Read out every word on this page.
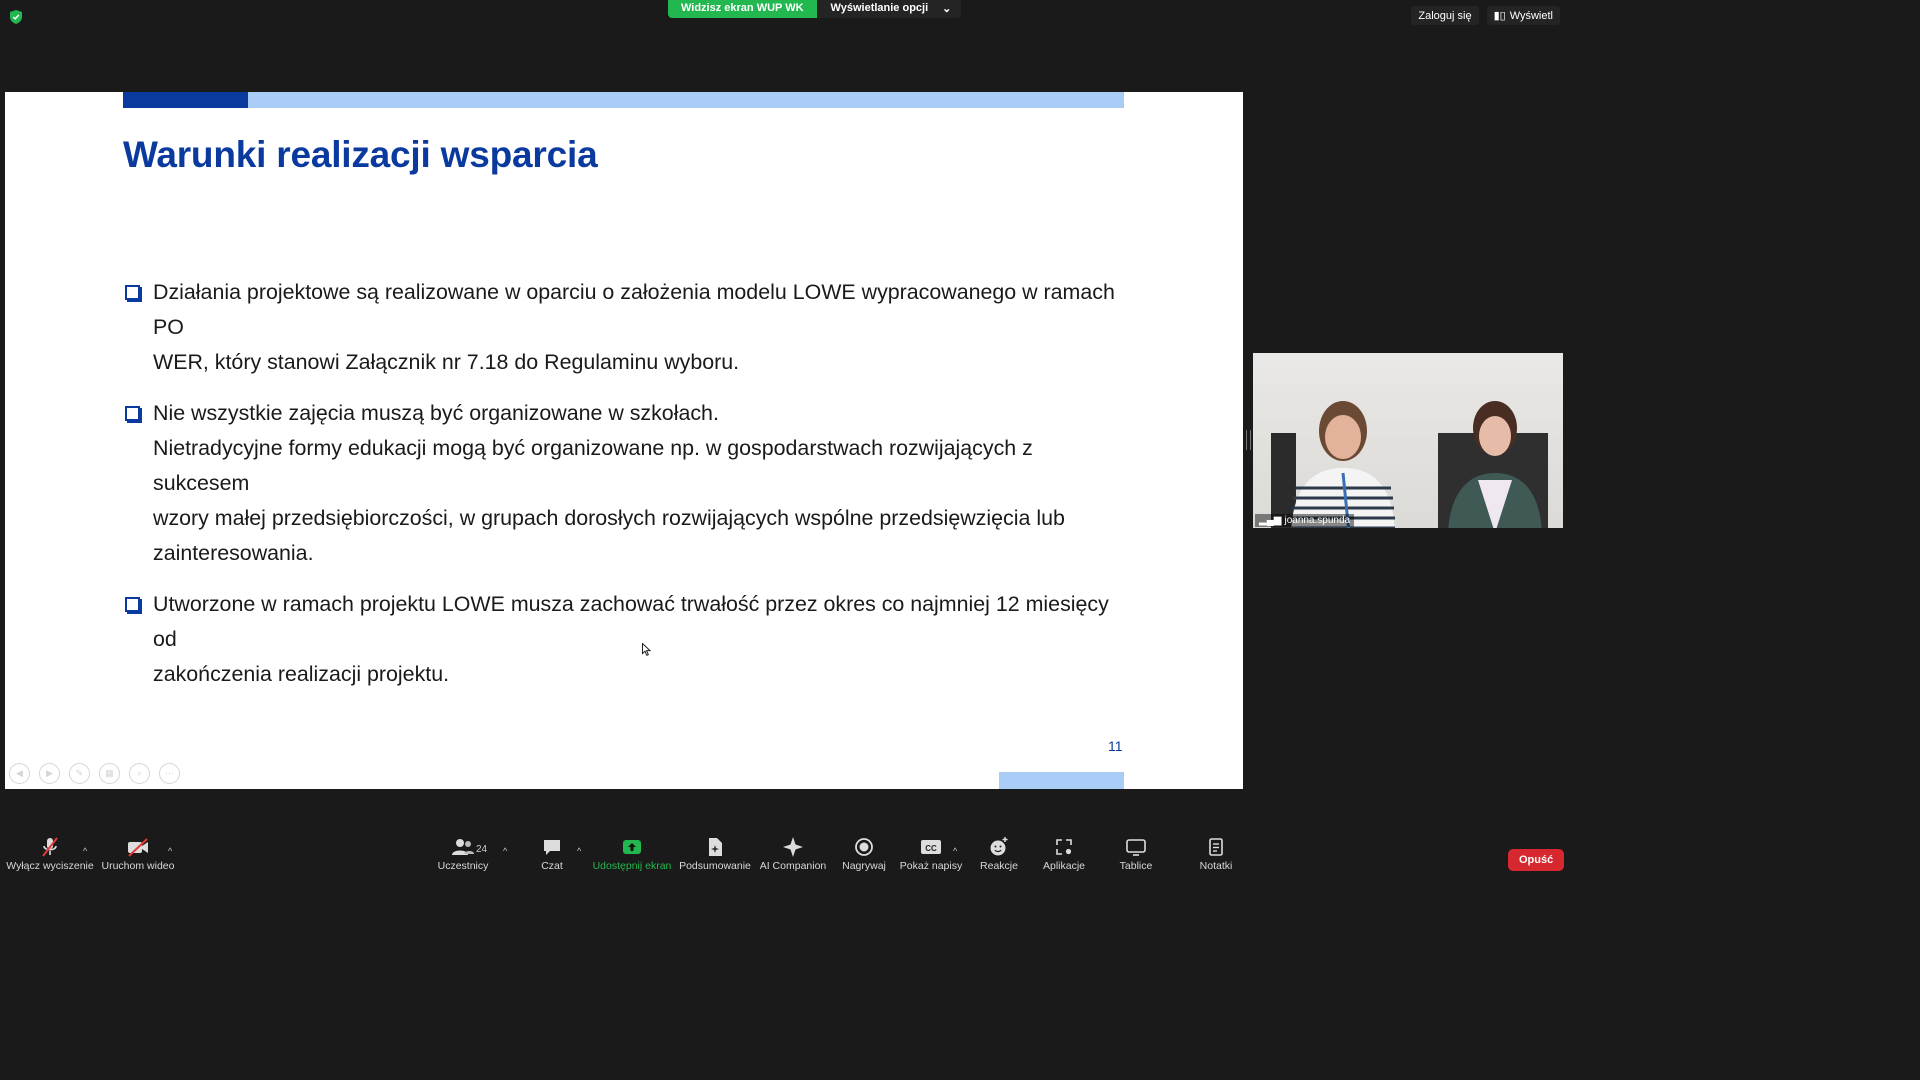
Widzisz ekran WUP WK	Wyświetlanie opcji ⌄
Zaloguj się ▮▯ Wyświetl
Warunki realizacji wsparcia
Działania projektowe są realizowane w oparciu o założenia modelu LOWE wypracowanego w ramach PO
WER, który stanowi Załącznik nr 7.18 do Regulaminu wyboru.
Nie wszystkie zajęcia muszą być organizowane w szkołach.
Nietradycyjne formy edukacji mogą być organizowane np. w gospodarstwach rozwijających z sukcesem
wzory małej przedsiębiorczości, w grupach dorosłych rozwijających wspólne przedsięwzięcia lub
zainteresowania.
Utworzone w ramach projektu LOWE musza zachować trwałość przez okres co najmniej 12 miesięcy od
zakończenia realizacji projektu.
◀	▶	✎	▦	⌕	⋯
11
▂▄▆ joanna.spunda
Wyłącz wyciszenie
^
Uruchom wideo
^
Uczestnicy
24 ^
Czat
^
Udostępnij ekran Podsumowanie AI Companion Nagrywaj
CC
Pokaż napisy
^
Reakcje Aplikacje	Tablice	Notatki	Opuść
